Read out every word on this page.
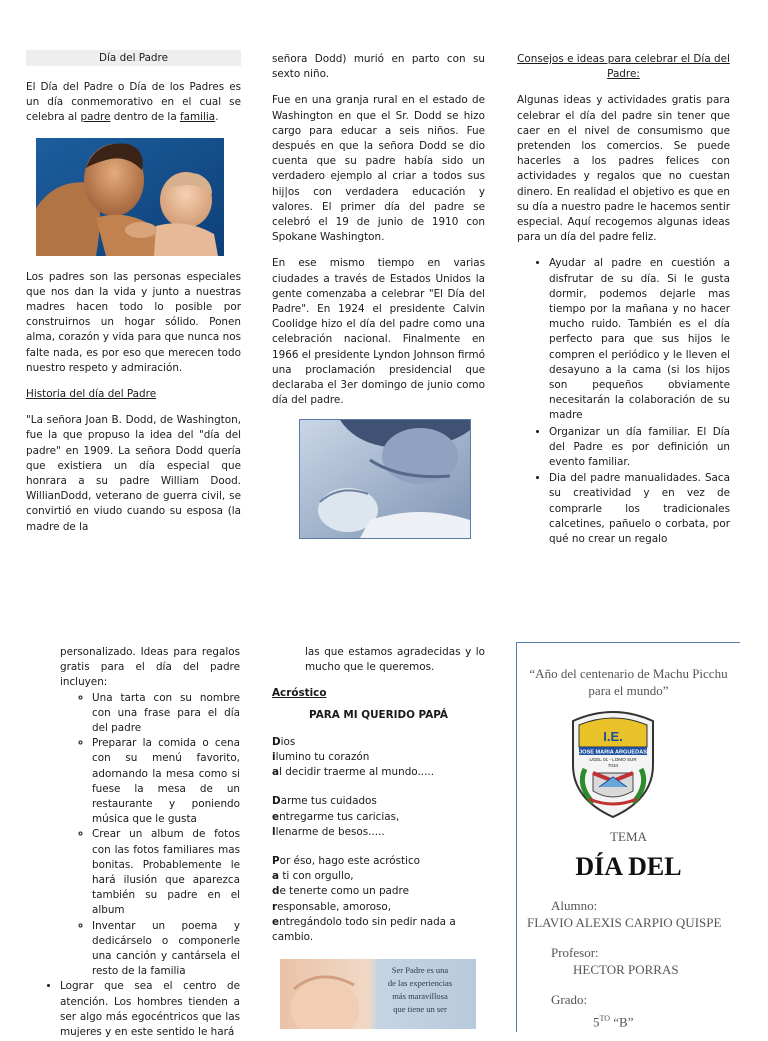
Día del Padre

El Día del Padre o Día de los Padres es un día conmemorativo en el cual se celebra al padre dentro de la familia.

Los padres son las personas especiales que nos dan la vida y junto a nuestras madres hacen todo lo posible por construirnos un hogar sólido. Ponen alma, corazón y vida para que nunca nos falte nada, es por eso que merecen todo nuestro respeto y admiración.

Historia del día del Padre

"La señora Joan B. Dodd, de Washington, fue la que propuso la idea del "día del padre" en 1909. La señora Dodd quería que existiera un día especial que honrara a su padre William Dood. WillianDodd, veterano de guerra civil, se convirtió en viudo cuando su esposa (la madre de la

señora Dodd) murió en parto con su sexto niño.

Fue en una granja rural en el estado de Washington en que el Sr. Dodd se hizo cargo para educar a seis niños. Fue después en que la señora Dodd se dio cuenta que su padre había sido un verdadero ejemplo al criar a todos sus hij|os con verdadera educación y valores. El primer día del padre se celebró el 19 de junio de 1910 con Spokane Washington.

En ese mismo tiempo en varias ciudades a través de Estados Unidos la gente comenzaba a celebrar "El Día del Padre". En 1924 el presidente Calvin Coolidge hizo el día del padre como una celebración nacional. Finalmente en 1966 el presidente Lyndon Johnson firmó una proclamación presidencial que declaraba el 3er domingo de junio como día del padre.

Consejos e ideas para celebrar el Día del Padre:

Algunas ideas y actividades gratis para celebrar el día del padre sin tener que caer en el nivel de consumismo que pretenden los comercios. Se puede hacerles a los padres felices con actividades y regalos que no cuestan dinero. En realidad el objetivo es que en su día a nuestro padre le hacemos sentir especial. Aquí recogemos algunas ideas para un día del padre feliz.

• Ayudar al padre en cuestión a disfrutar de su día. Si le gusta dormir, podemos dejarle mas tiempo por la mañana y no hacer mucho ruido. También es el día perfecto para que sus hijos le compren el periódico y le lleven el desayuno a la cama (si los hijos son pequeños obviamente necesitarán la colaboración de su madre
• Organizar un día familiar. El Día del Padre es por definición un evento familiar.
• Dia del padre manualidades. Saca su creatividad y en vez de comprarle los tradicionales calcetines, pañuelo o corbata, por qué no crear un regalo

personalizado. Ideas para regalos gratis para el día del padre incluyen:

◦ Una tarta con su nombre con una frase para el día del padre
◦ Preparar la comida o cena con su menú favorito, adornando la mesa como si fuese la mesa de un restaurante y poniendo música que le gusta
◦ Crear un album de fotos con las fotos familiares mas bonitas. Probablemente le hará ilusión que aparezca también su padre en el album
◦ Inventar un poema y dedicárselo o componerle una canción y cantársela el resto de la familia
• Lograr que sea el centro de atención. Los hombres tienden a ser algo más egocéntricos que las mujeres y en este sentido le hará

las que estamos agradecidas y lo mucho que le queremos.

Acróstico

PARA MI QUERIDO PAPÁ

Dios

ilumino tu corazón

al decidir traerme al mundo.....

Darme tus cuidados

entregarme tus caricias,

llenarme de besos.....

Por éso, hago este acróstico

a ti con orgullo,

de tenerte como un padre

responsable, amoroso,

entregándolo todo sin pedir nada a

cambio.

Ser Padre es una
de las experiencias
más maravillosa
que tiene un ser
“Año del centenario de Machu Picchu
para el mundo”
I.E.
JOSE MARIA ARGUEDAS
UGEL 01 - LOMO SUR
7034
TEMA
DÍA DEL
Alumno:
FLAVIO ALEXIS CARPIO QUISPE
Profesor:
HECTOR PORRAS
Grado:
$5^{TO}$ “B”
